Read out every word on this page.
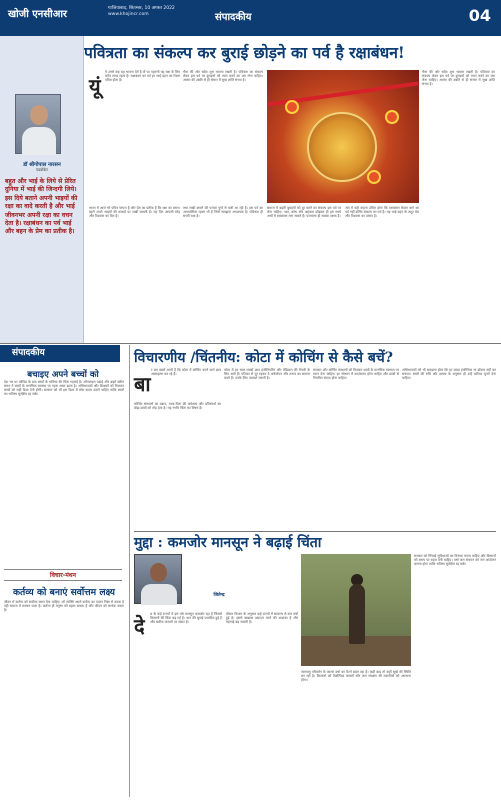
खोजी एनसीआर
गाजियाबाद, सितम्बर, 10 अगस्त 2022
www.khojincr.com	संपादकीय	04
डॉ श्रीगोपाल नारसन
एडवोकेट
बहुत और भाई के लिये से प्रेरित दुनिया में भाई की जिन्दगी लिये। इस दिये बताने अपनी भाइयों की रक्षा का वादे करती है और भाई जीवनभर अपनी रक्षा का वचन देता है। रक्षाबंधन का पर्व भाई और बहन के प्रेम का प्रतीक है।
पवित्रता का संकल्प कर बुराई छोड़ने का पर्व है रक्षाबंधन!
यूं
ये उनसे कह रहा भावना देते है वो पर पहरुगी यह रक्षा के लिए सदैव तत्पर रहता है। रक्षाबंधन का पर्व हर भाई बहन का रिश्ता पवित्र होता है।
भैया की ओर सदैव शुभ भावना रखती है। पवित्रता का संकल्प लेकर इस पर्व पर बुराइयों को त्याग करने का प्रण लेना चाहिए। आत्मा की उन्नति से ही संसार में सुख शांति संभव है।
भारत में आज भी पवित्र परंपरा है और प्रेम का प्रतीक है कि रक्षा का बंधन। बहनें अपने भाइयों की कलाई पर राखी बांधती हैं। यह दिन आपसी स्नेह और विश्वास का दिन है।
तथा राखी बांधने की परंपरा युगों से चली आ रही है। इस पर्व का आध्यात्मिक रहस्य भी है जिसे समझना आवश्यक है। पवित्रता ही सच्ची रक्षा है।
समाज में बढ़ती बुराइयों को दूर करने का संकल्प इस पर्व पर लेना चाहिए। नशा, क्रोध और अहंकार छोड़कर ही हम सच्चे अर्थों में रक्षाबंधन मना सकते हैं। परमात्मा ही सबका रक्षक है।
अंत में यही कहना उचित होगा कि रक्षाबंधन केवल धागे का पर्व नहीं बल्कि संकल्प का पर्व है। यह भाई बहन के अटूट प्रेम और विश्वास का उत्सव है।
भैया की ओर सदैव शुभ भावना रखती है। पवित्रता का संकल्प लेकर इस पर्व पर बुराइयों को त्याग करने का प्रण लेना चाहिए। आत्मा की उन्नति से ही संसार में सुख शांति संभव है।
संपादकीय
बचाइए अपने बच्चों को
देश भर पर कोविड के बाद बच्चों के भविष्य की चिंता गहराई है। ऑनलाइन पढ़ाई और बढ़ते स्क्रीन समय ने बच्चों के मानसिक स्वास्थ्य पर गहरा असर डाला है। अभिभावकों और शिक्षकों को मिलकर बच्चों को सही दिशा देनी होगी। सरकार को भी इस दिशा में ठोस कदम उठाने चाहिए ताकि बच्चों का भविष्य सुरक्षित रह सके।
विचार-मंथन
कर्तव्य को बनाएं सर्वोत्तम लक्ष्य
जीवन में कर्तव्य को सर्वोच्च स्थान देना चाहिए। जो व्यक्ति अपने कर्तव्य का पालन निष्ठा से करता है वही समाज में सम्मान पाता है। कर्तव्य ही मनुष्य को महान बनाता है और जीवन को सार्थक करता है।
विचारणीय /चिंतनीय: कोटा में कोचिंग से कैसे बचें?
बा
र बार खबरें आती हैं कि कोटा में कोचिंग करने वाले छात्र आत्महत्या कर रहे हैं।
कोचिंग संस्थानों का दबाव, माता-पिता की अपेक्षाएं और प्रतिस्पर्धा का बोझ छात्रों को तोड़ देता है। यह गंभीर चिंता का विषय है।
कोटा में हर साल लाखों छात्र इंजीनियरिंग और मेडिकल की तैयारी के लिए आते हैं। परिवार से दूर रहकर वे अकेलेपन और तनाव का सामना करते हैं। उनके लिए परामर्श जरूरी है।
सरकार और कोचिंग संस्थानों को मिलकर छात्रों के मानसिक स्वास्थ्य पर ध्यान देना चाहिए। हर संस्थान में काउंसलर होना चाहिए और छात्रों से नियमित संवाद होना चाहिए।
अभिभावकों को भी समझना होगा कि हर बच्चा इंजीनियर या डॉक्टर नहीं बन सकता। बच्चों की रुचि और क्षमता के अनुसार ही उन्हें करियर चुनने देना चाहिए।
मुद्दा : कमजोर मानसून ने बढ़ाई चिंता
जितेन्द्र
दे श के कई राज्यों में इस वर्ष मानसून कमजोर रहा है जिससे किसानों की चिंता बढ़ गई है। धान की बुवाई प्रभावित हुई है और खरीफ फसलों पर संकट है।
मौसम विभाग के अनुसार कई राज्यों में सामान्य से कम वर्षा हुई है। इससे खाद्यान्न उत्पादन घटने की आशंका है और महंगाई बढ़ सकती है।
जलवायु परिवर्तन के कारण वर्षा का पैटर्न बदल रहा है। कहीं बाढ़ तो कहीं सूखे की स्थिति बन रही है। किसानों को वैकल्पिक फसलों और जल संरक्षण की तकनीकों को अपनाना होगा।
सरकार को सिंचाई सुविधाओं का विस्तार करना चाहिए और किसानों को समय पर राहत देनी चाहिए। वर्षा जल संचयन को जन आंदोलन बनाना होगा ताकि भविष्य सुरक्षित रह सके।
